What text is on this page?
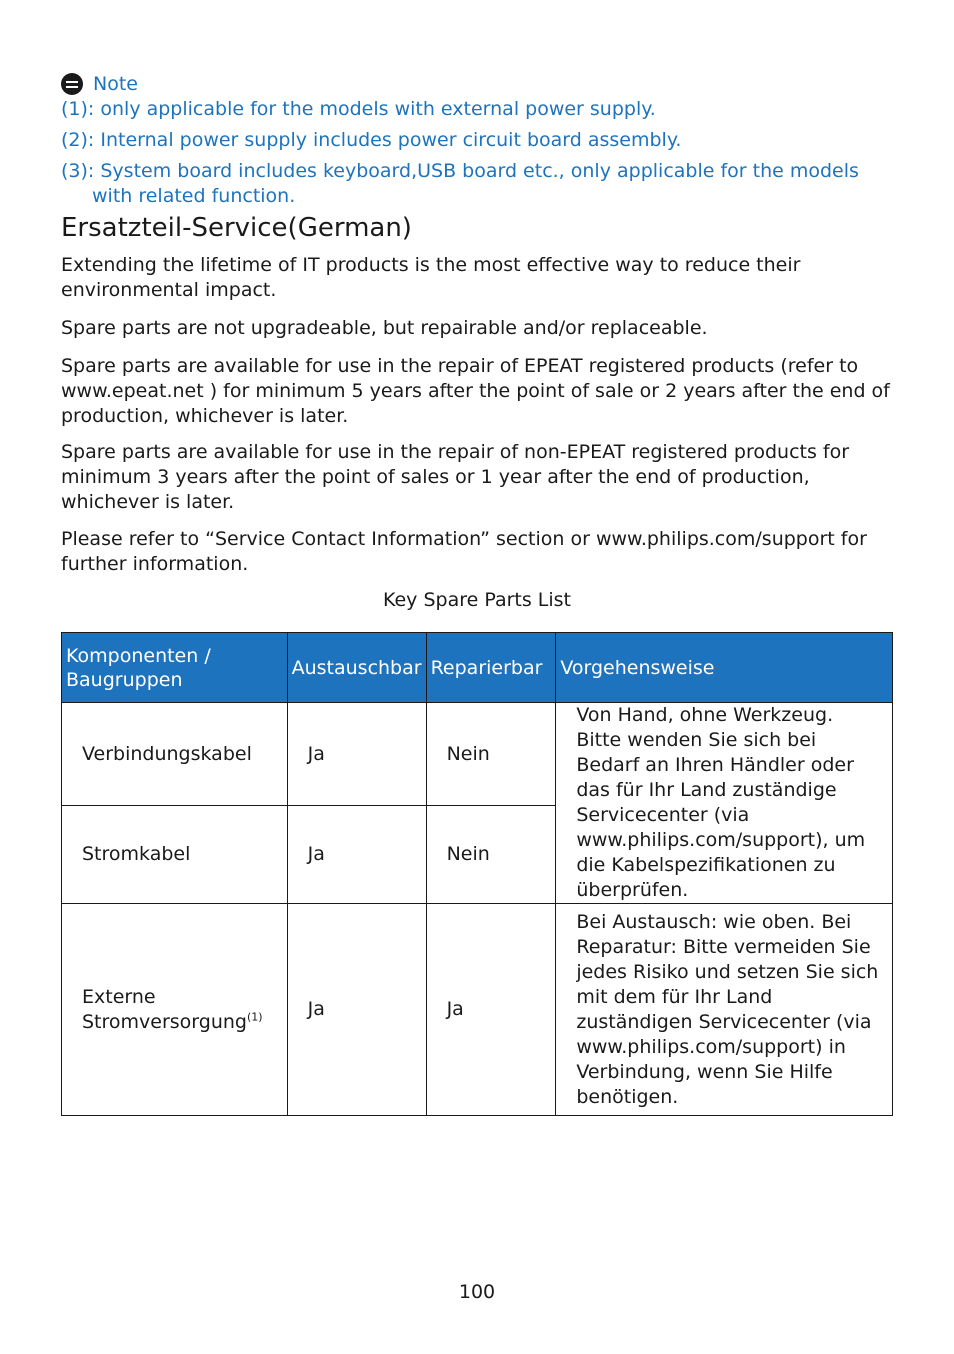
Note
(1): only applicable for the models with external power supply.
(2): Internal power supply includes power circuit board assembly.
(3): System board includes keyboard,USB board etc., only applicable for the models
with related function.
Ersatzteil-Service(German)

Extending the lifetime of IT products is the most effective way to reduce their environmental impact.

Spare parts are not upgradeable, but repairable and/or replaceable.

Spare parts are available for use in the repair of EPEAT registered products (refer to www.epeat.net ) for minimum 5 years after the point of sale or 2 years after the end of production, whichever is later.

Spare parts are available for use in the repair of non-EPEAT registered products for minimum 3 years after the point of sales or 1 year after the end of production, whichever is later.

Please refer to “Service Contact Information” section or www.philips.com/support for further information.

Key Spare Parts List
Komponenten / Baugruppen	Austauschbar	Reparierbar	Vorgehensweise
Verbindungskabel	Ja	Nein	Von Hand, ohne Werkzeug. Bitte wenden Sie sich bei Bedarf an Ihren Händler oder das für Ihr Land zuständige Servicecenter (via www.philips.com/support), um die Kabelspezifikationen zu überprüfen.
Stromkabel	Ja	Nein	
Externe Stromversorgung$^{(1)}$	Ja	Ja	Bei Austausch: wie oben. Bei Reparatur: Bitte vermeiden Sie jedes Risiko und setzen Sie sich mit dem für Ihr Land zuständigen Servicecenter (via www.philips.com/support) in Verbindung, wenn Sie Hilfe benötigen.
100
